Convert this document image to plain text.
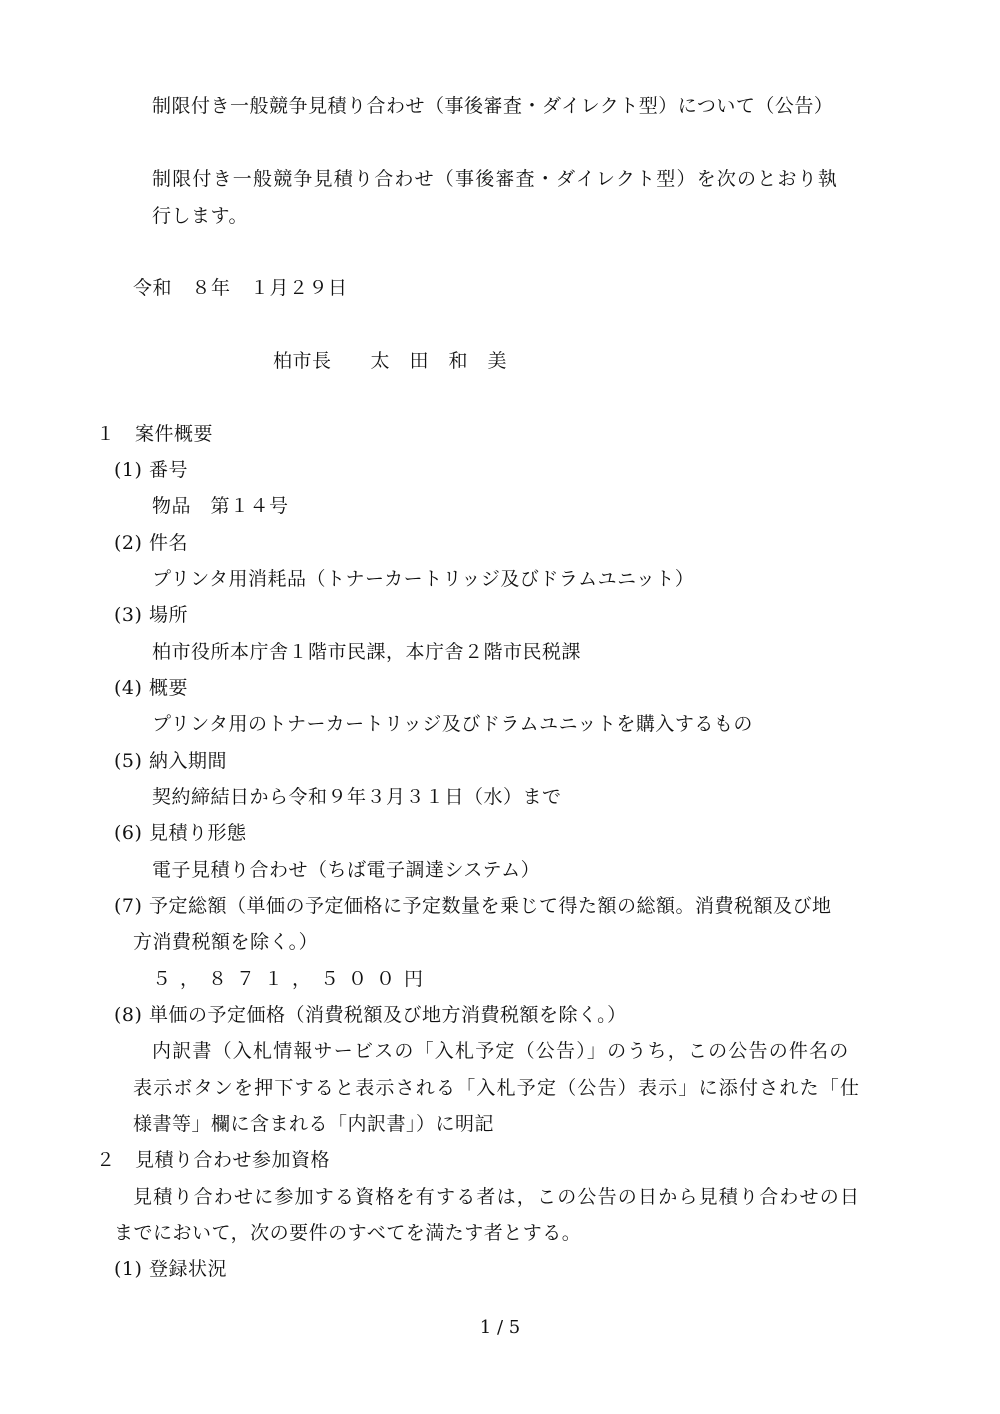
制限付き一般競争見積り合わせ（事後審査・ダイレクト型）について（公告）
制限付き一般競争見積り合わせ（事後審査・ダイレクト型）を次のとおり執
行します。
令和　８年　１月２９日
柏市長　　太　田　和　美
１　案件概要
(1) 番号
物品　第１４号
(2) 件名
プリンタ用消耗品（トナーカートリッジ及びドラムユニット）
(3) 場所
柏市役所本庁舎１階市民課，本庁舎２階市民税課
(4) 概要
プリンタ用のトナーカートリッジ及びドラムユニットを購入するもの
(5) 納入期間
契約締結日から令和９年３月３１日（水）まで
(6) 見積り形態
電子見積り合わせ（ちば電子調達システム）
(7) 予定総額（単価の予定価格に予定数量を乗じて得た額の総額。消費税額及び地
方消費税額を除く。）
５，８７１，５００円
(8) 単価の予定価格（消費税額及び地方消費税額を除く。）
内訳書（入札情報サービスの「入札予定（公告）」のうち，この公告の件名の
表示ボタンを押下すると表示される「入札予定（公告）表示」に添付された「仕
様書等」欄に含まれる「内訳書」）に明記
２　見積り合わせ参加資格
見積り合わせに参加する資格を有する者は，この公告の日から見積り合わせの日
までにおいて，次の要件のすべてを満たす者とする。
(1) 登録状況
1 / 5
